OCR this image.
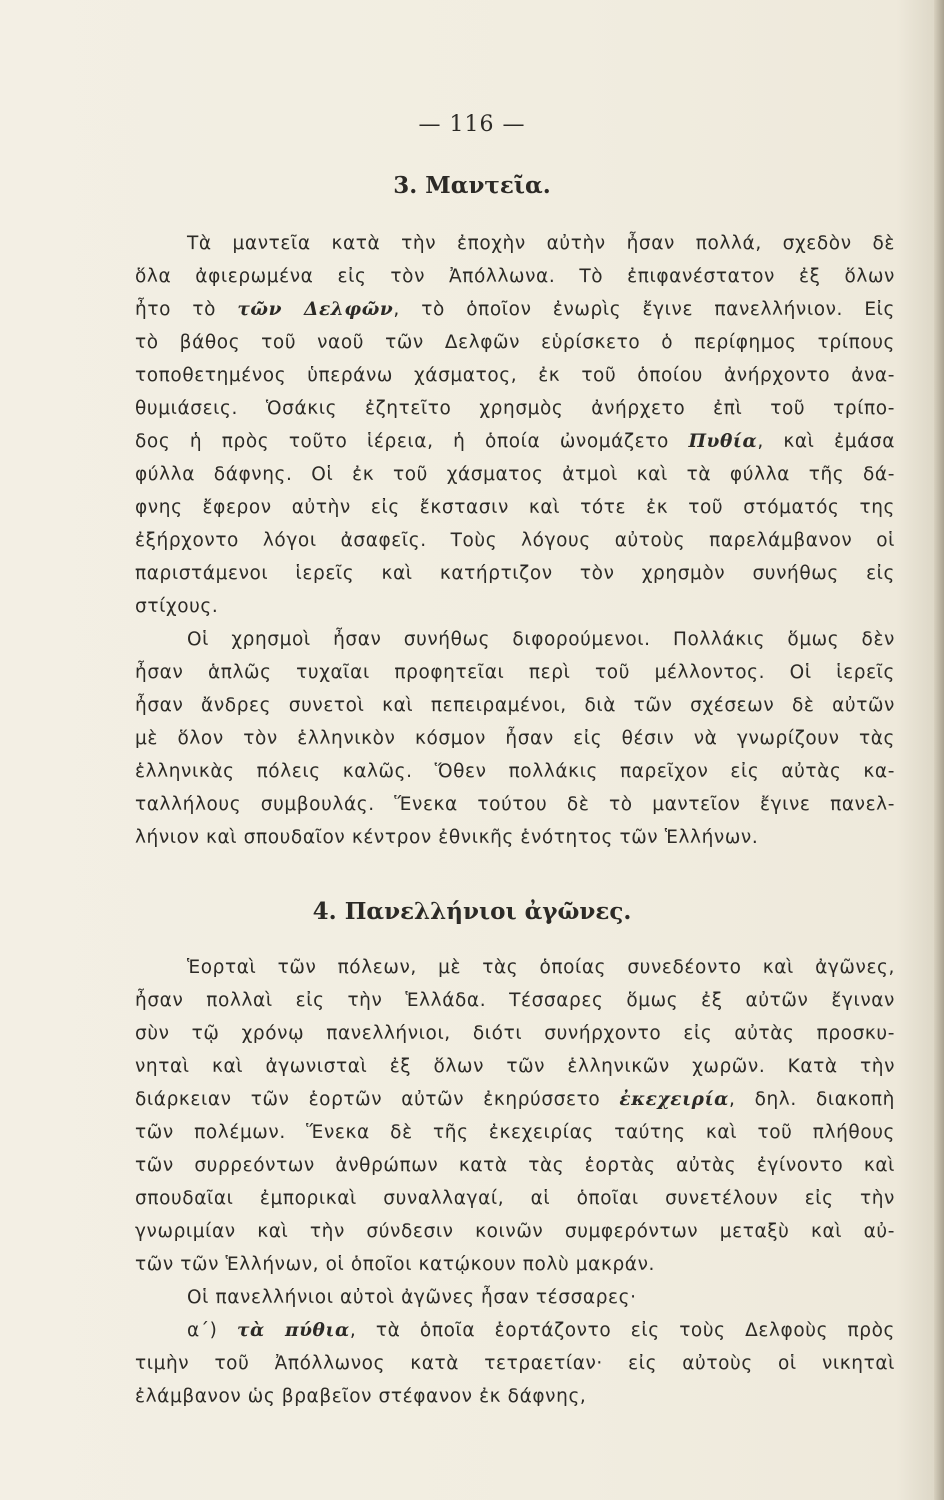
— 116 —
3. Μαντεῖα.
Τὰ μαντεῖα κατὰ τὴν ἐποχὴν αὐτὴν ἦσαν πολλά, σχεδὸν δὲ
ὅλα ἀφιερωμένα εἰς τὸν Ἀπόλλωνα. Τὸ ἐπιφανέστατον ἐξ ὅλων
ἦτο τὸ τῶν Δελφῶν, τὸ ὁποῖον ἐνωρὶς ἔγινε πανελλήνιον. Εἰς
τὸ βάθος τοῦ ναοῦ τῶν Δελφῶν εὑρίσκετο ὁ περίφημος τρίπους
τοποθετημένος ὑπεράνω χάσματος, ἐκ τοῦ ὁποίου ἀνήρχοντο ἀνα-
θυμιάσεις. Ὁσάκις ἐζητεῖτο χρησμὸς ἀνήρχετο ἐπὶ τοῦ τρίπο-
δος ἡ πρὸς τοῦτο ἱέρεια, ἡ ὁποία ὠνομάζετο Πυθία, καὶ ἐμάσα
φύλλα δάφνης. Οἱ ἐκ τοῦ χάσματος ἀτμοὶ καὶ τὰ φύλλα τῆς δά-
φνης ἔφερον αὐτὴν εἰς ἔκστασιν καὶ τότε ἐκ τοῦ στόματός της
ἐξήρχοντο λόγοι ἀσαφεῖς. Τοὺς λόγους αὐτοὺς παρελάμβανον οἱ
παριστάμενοι ἱερεῖς καὶ κατήρτιζον τὸν χρησμὸν συνήθως εἰς
στίχους.
Οἱ χρησμοὶ ἦσαν συνήθως διφορούμενοι. Πολλάκις ὅμως δὲν
ἦσαν ἁπλῶς τυχαῖαι προφητεῖαι περὶ τοῦ μέλλοντος. Οἱ ἱερεῖς
ἦσαν ἄνδρες συνετοὶ καὶ πεπειραμένοι, διὰ τῶν σχέσεων δὲ αὐτῶν
μὲ ὅλον τὸν ἑλληνικὸν κόσμον ἦσαν εἰς θέσιν νὰ γνωρίζουν τὰς
ἑλληνικὰς πόλεις καλῶς. Ὅθεν πολλάκις παρεῖχον εἰς αὐτὰς κα-
ταλλήλους συμβουλάς. Ἕνεκα τούτου δὲ τὸ μαντεῖον ἔγινε πανελ-
λήνιον καὶ σπουδαῖον κέντρον ἐθνικῆς ἑνότητος τῶν Ἑλλήνων.
4. Πανελλήνιοι ἀγῶνες.
Ἑορταὶ τῶν πόλεων, μὲ τὰς ὁποίας συνεδέοντο καὶ ἀγῶνες,
ἦσαν πολλαὶ εἰς τὴν Ἑλλάδα. Τέσσαρες ὅμως ἐξ αὐτῶν ἔγιναν
σὺν τῷ χρόνῳ πανελλήνιοι, διότι συνήρχοντο εἰς αὐτὰς προσκυ-
νηταὶ καὶ ἀγωνισταὶ ἐξ ὅλων τῶν ἑλληνικῶν χωρῶν. Κατὰ τὴν
διάρκειαν τῶν ἑορτῶν αὐτῶν ἐκηρύσσετο ἐκεχειρία, δηλ. διακοπὴ
τῶν πολέμων. Ἕνεκα δὲ τῆς ἐκεχειρίας ταύτης καὶ τοῦ πλήθους
τῶν συρρεόντων ἀνθρώπων κατὰ τὰς ἑορτὰς αὐτὰς ἐγίνοντο καὶ
σπουδαῖαι ἐμπορικαὶ συναλλαγαί, αἱ ὁποῖαι συνετέλουν εἰς τὴν
γνωριμίαν καὶ τὴν σύνδεσιν κοινῶν συμφερόντων μεταξὺ καὶ αὐ-
τῶν τῶν Ἑλλήνων, οἱ ὁποῖοι κατῴκουν πολὺ μακράν.
Οἱ πανελλήνιοι αὐτοὶ ἀγῶνες ἦσαν τέσσαρες·
α΄) τὰ πύθια, τὰ ὁποῖα ἑορτάζοντο εἰς τοὺς Δελφοὺς πρὸς
τιμὴν τοῦ Ἀπόλλωνος κατὰ τετραετίαν· εἰς αὐτοὺς οἱ νικηταὶ
ἐλάμβανον ὡς βραβεῖον στέφανον ἐκ δάφνης,
